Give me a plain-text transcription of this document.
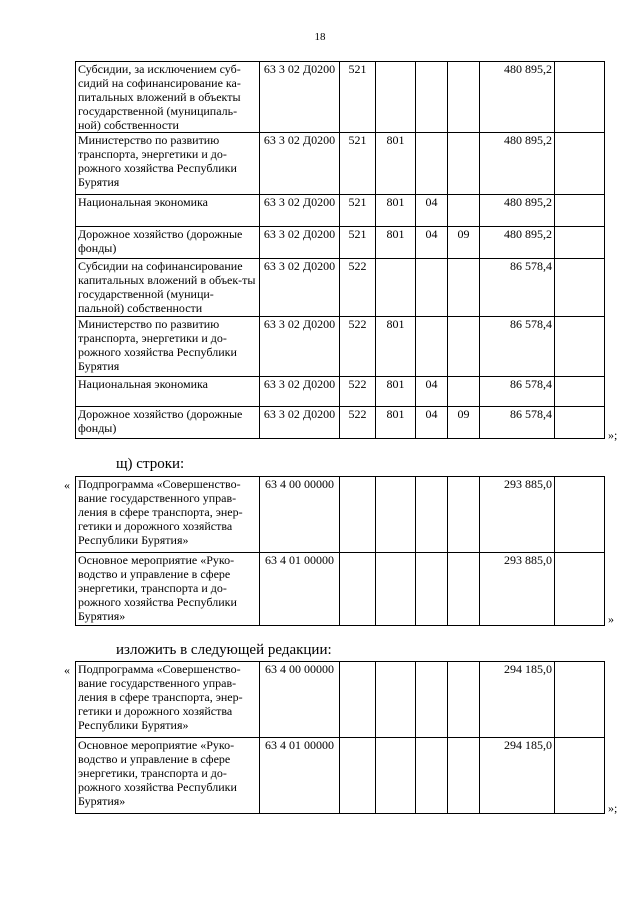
18
Субсидии, за исключением суб-сидий на софинансирование ка-питальных вложений в объекты государственной (муниципаль-ной) собственности	63 3 02 Д0200	521				480 895,2	
Министерство по развитию транспорта, энергетики и до-рожного хозяйства Республики Бурятия	63 3 02 Д0200	521	801			480 895,2	
Национальная экономика	63 3 02 Д0200	521	801	04		480 895,2	
Дорожное хозяйство (дорожные фонды)	63 3 02 Д0200	521	801	04	09	480 895,2	
Субсидии на софинансирование капитальных вложений в объек-ты государственной (муници-пальной) собственности	63 3 02 Д0200	522				86 578,4	
Министерство по развитию транспорта, энергетики и до-рожного хозяйства Республики Бурятия	63 3 02 Д0200	522	801			86 578,4	
Национальная экономика	63 3 02 Д0200	522	801	04		86 578,4	
Дорожное хозяйство (дорожные фонды)	63 3 02 Д0200	522	801	04	09	86 578,4	
»;
щ) строки:
« Подпрограмма «Совершенство-вание государственного управ-ления в сфере транспорта, энер-гетики и дорожного хозяйства Республики Бурятия»	63 4 00 00000					293 885,0	
Основное мероприятие «Руко-водство и управление в сфере энергетики, транспорта и до-рожного хозяйства Республики Бурятия»	63 4 01 00000					293 885,0	
»
изложить в следующей редакции:
« Подпрограмма «Совершенство-вание государственного управ-ления в сфере транспорта, энер-гетики и дорожного хозяйства Республики Бурятия»	63 4 00 00000					294 185,0	
Основное мероприятие «Руко-водство и управление в сфере энергетики, транспорта и до-рожного хозяйства Республики Бурятия»	63 4 01 00000					294 185,0	
»;
